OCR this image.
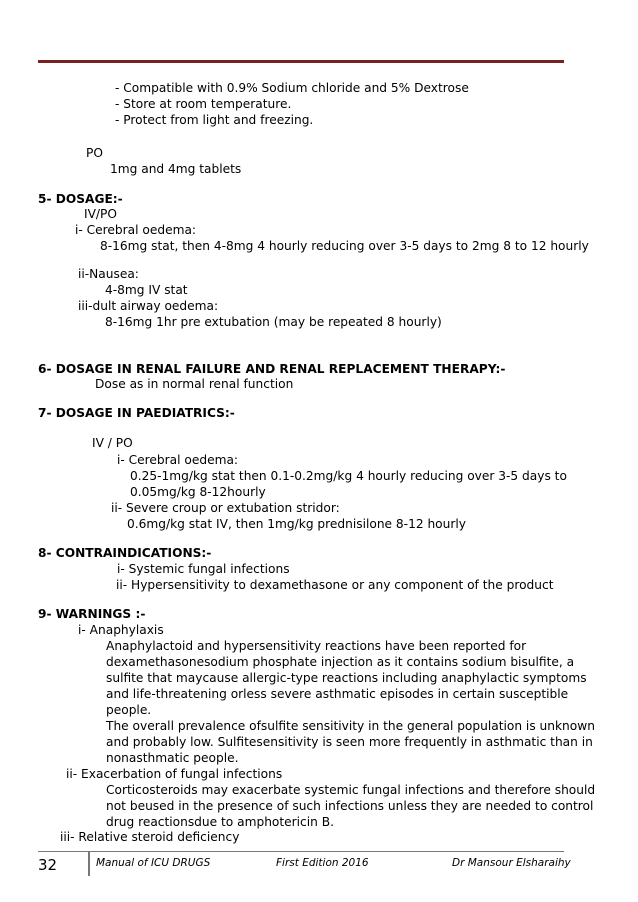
- Compatible with 0.9% Sodium chloride and 5% Dextrose
- Store at room temperature.
- Protect from light and freezing.
PO
1mg and 4mg tablets
5- DOSAGE:-
IV/PO
i- Cerebral oedema:
8-16mg stat, then 4-8mg 4 hourly reducing over 3-5 days to 2mg 8 to 12 hourly
ii-Nausea:
4-8mg IV stat
iii-dult airway oedema:
8-16mg 1hr pre extubation (may be repeated 8 hourly)
6- DOSAGE IN RENAL FAILURE AND RENAL REPLACEMENT THERAPY:-
Dose as in normal renal function
7- DOSAGE IN PAEDIATRICS:-
IV / PO
i- Cerebral oedema:
0.25-1mg/kg stat then 0.1-0.2mg/kg 4 hourly reducing over 3-5 days to
0.05mg/kg 8-12hourly
ii- Severe croup or extubation stridor:
0.6mg/kg stat IV, then 1mg/kg prednisilone 8-12 hourly
8- CONTRAINDICATIONS:-
i- Systemic fungal infections
ii- Hypersensitivity to dexamethasone or any component of the product
9- WARNINGS :-
i- Anaphylaxis
Anaphylactoid and hypersensitivity reactions have been reported for
dexamethasonesodium phosphate injection as it contains sodium bisulfite, a
sulfite that maycause allergic-type reactions including anaphylactic symptoms
and life-threatening orless severe asthmatic episodes in certain susceptible
people.
The overall prevalence ofsulfite sensitivity in the general population is unknown
and probably low. Sulfitesensitivity is seen more frequently in asthmatic than in
nonasthmatic people.
ii- Exacerbation of fungal infections
Corticosteroids may exacerbate systemic fungal infections and therefore should
not beused in the presence of such infections unless they are needed to control
drug reactionsdue to amphotericin B.
iii- Relative steroid deficiency
32	Manual of ICU DRUGS	First Edition 2016	Dr Mansour Elsharaihy
